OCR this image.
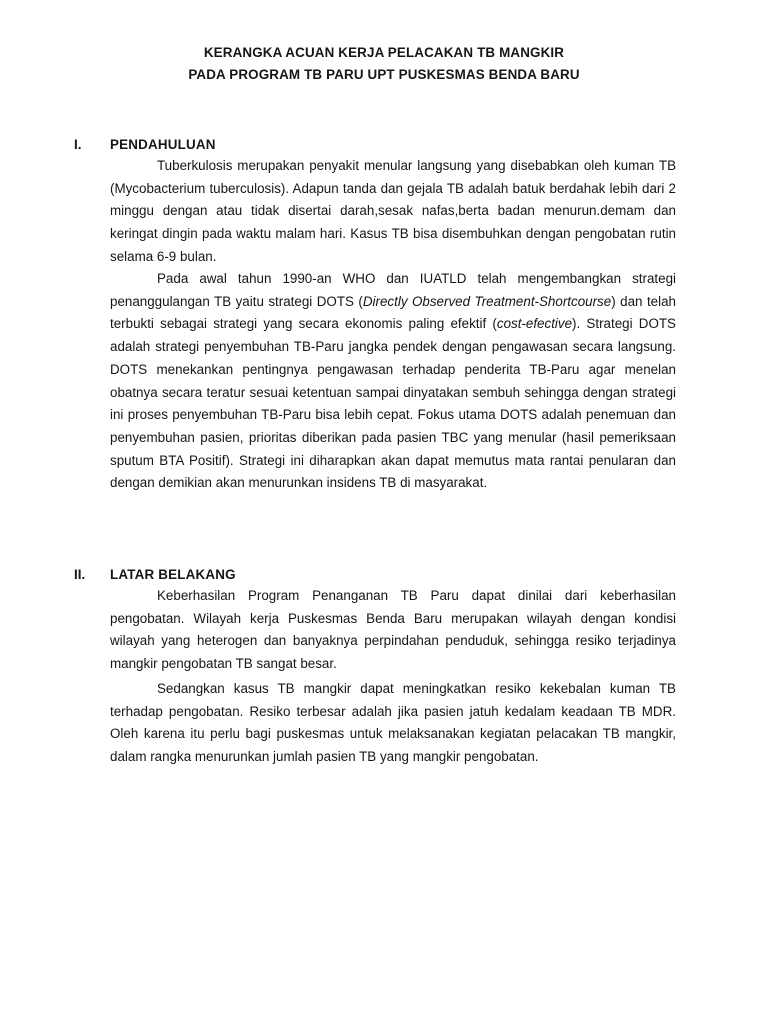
KERANGKA ACUAN KERJA PELACAKAN TB MANGKIR
PADA PROGRAM TB PARU UPT PUSKESMAS BENDA BARU
I. PENDAHULUAN

Tuberkulosis merupakan penyakit menular langsung yang disebabkan oleh kuman TB (Mycobacterium tuberculosis). Adapun tanda dan gejala TB adalah batuk berdahak lebih dari 2 minggu dengan atau tidak disertai darah,sesak nafas,berta badan menurun.demam dan keringat dingin pada waktu malam hari. Kasus TB bisa disembuhkan dengan pengobatan rutin selama 6-9 bulan.

Pada awal tahun 1990-an WHO dan IUATLD telah mengembangkan strategi penanggulangan TB yaitu strategi DOTS (Directly Observed Treatment-Shortcourse) dan telah terbukti sebagai strategi yang secara ekonomis paling efektif (cost-efective). Strategi DOTS adalah strategi penyembuhan TB-Paru jangka pendek dengan pengawasan secara langsung. DOTS menekankan pentingnya pengawasan terhadap penderita TB-Paru agar menelan obatnya secara teratur sesuai ketentuan sampai dinyatakan sembuh sehingga dengan strategi ini proses penyembuhan TB-Paru bisa lebih cepat. Fokus utama DOTS adalah penemuan dan penyembuhan pasien, prioritas diberikan pada pasien TBC yang menular (hasil pemeriksaan sputum BTA Positif). Strategi ini diharapkan akan dapat memutus mata rantai penularan dan dengan demikian akan menurunkan insidens TB di masyarakat.

II. LATAR BELAKANG

Keberhasilan Program Penanganan TB Paru dapat dinilai dari keberhasilan pengobatan. Wilayah kerja Puskesmas Benda Baru merupakan wilayah dengan kondisi wilayah yang heterogen dan banyaknya perpindahan penduduk, sehingga resiko terjadinya mangkir pengobatan TB sangat besar.

Sedangkan kasus TB mangkir dapat meningkatkan resiko kekebalan kuman TB terhadap pengobatan. Resiko terbesar adalah jika pasien jatuh kedalam keadaan TB MDR. Oleh karena itu perlu bagi puskesmas untuk melaksanakan kegiatan pelacakan TB mangkir, dalam rangka menurunkan jumlah pasien TB yang mangkir pengobatan.
